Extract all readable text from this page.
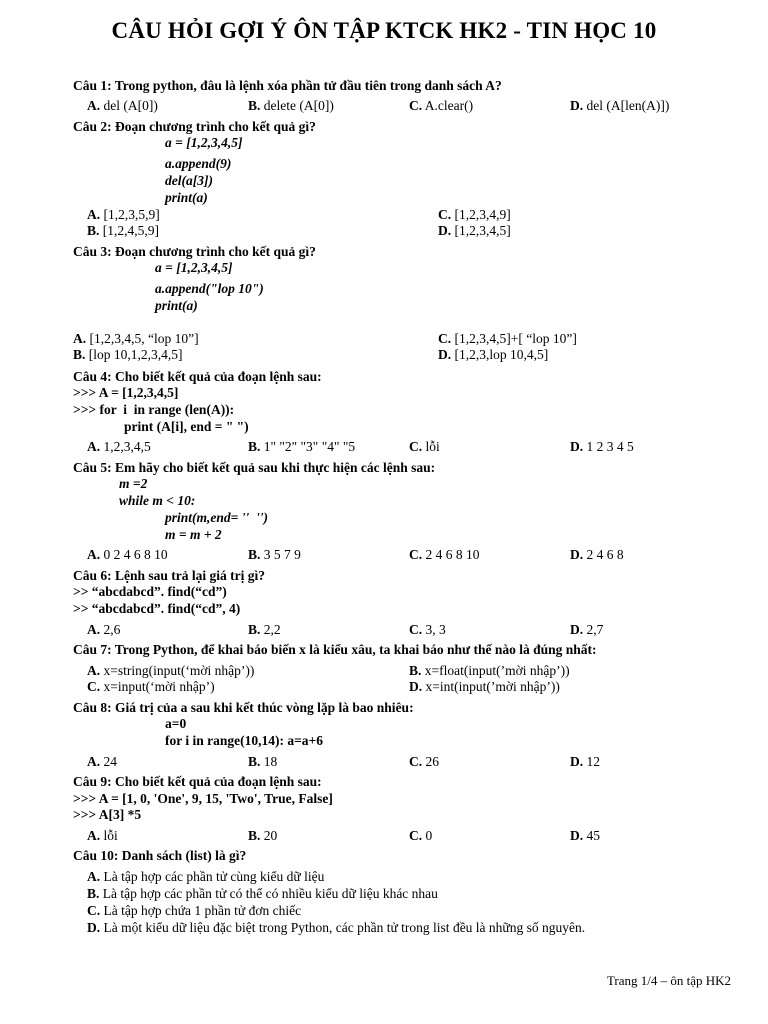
CÂU HỎI GỢI Ý ÔN TẬP KTCK HK2 - TIN HỌC 10
Câu 1: Trong python, đâu là lệnh xóa phần tử đầu tiên trong danh sách A?
A. del (A[0])	B. delete (A[0])	C. A.clear()	D. del (A[len(A)])
Câu 2: Đoạn chương trình cho kết quả gì?
a = [1,2,3,4,5]
a.append(9)
del(a[3])
print(a)
A. [1,2,3,5,9]	C. [1,2,3,4,9]
B. [1,2,4,5,9]	D. [1,2,3,4,5]
Câu 3: Đoạn chương trình cho kết quả gì?
a = [1,2,3,4,5]
a.append("lop 10")
print(a)
A. [1,2,3,4,5, “lop 10”]	C. [1,2,3,4,5]+[ “lop 10”]
B. [lop 10,1,2,3,4,5]	D. [1,2,3,lop 10,4,5]
Câu 4: Cho biết kết quả của đoạn lệnh sau:
>>> A = [1,2,3,4,5]
>>> for  i  in range (len(A)):
print (A[i], end = " ")
A. 1,2,3,4,5	B. 1" "2" "3" "4" "5	C. lỗi	D. 1 2 3 4 5
Câu 5: Em hãy cho biết kết quả sau khi thực hiện các lệnh sau:
m =2
while m < 10:
print(m,end= ''  '')
m = m + 2
A. 0 2 4 6 8 10	B. 3 5 7 9	C. 2 4 6 8 10	D. 2 4 6 8
Câu 6: Lệnh sau trả lại giá trị gì?
>> “abcdabcd”. find(“cd”)
>> “abcdabcd”. find(“cd”, 4)
A. 2,6	B. 2,2	C. 3, 3	D. 2,7
Câu 7: Trong Python, để khai báo biến x là kiểu xâu, ta khai báo như thế nào là đúng nhất:
A. x=string(input(‘mời nhập’))	B. x=float(input(’mời nhập’))
C. x=input(‘mời nhập’)	D. x=int(input(’mời nhập’))
Câu 8: Giá trị của a sau khi kết thúc vòng lặp là bao nhiêu:
a=0
for i in range(10,14): a=a+6
A. 24	B. 18	C. 26	D. 12
Câu 9: Cho biết kết quả của đoạn lệnh sau:
>>> A = [1, 0, 'One', 9, 15, 'Two', True, False]
>>> A[3] *5
A. lỗi	B. 20	C. 0	D. 45
Câu 10: Danh sách (list) là gì?
A. Là tập hợp các phần tử cùng kiểu dữ liệu
B. Là tập hợp các phần tử có thể có nhiều kiểu dữ liệu khác nhau
C. Là tập hợp chứa 1 phần tử đơn chiếc
D. Là một kiểu dữ liệu đặc biệt trong Python, các phần tử trong list đều là những số nguyên.
Trang 1/4 – ôn tập HK2
